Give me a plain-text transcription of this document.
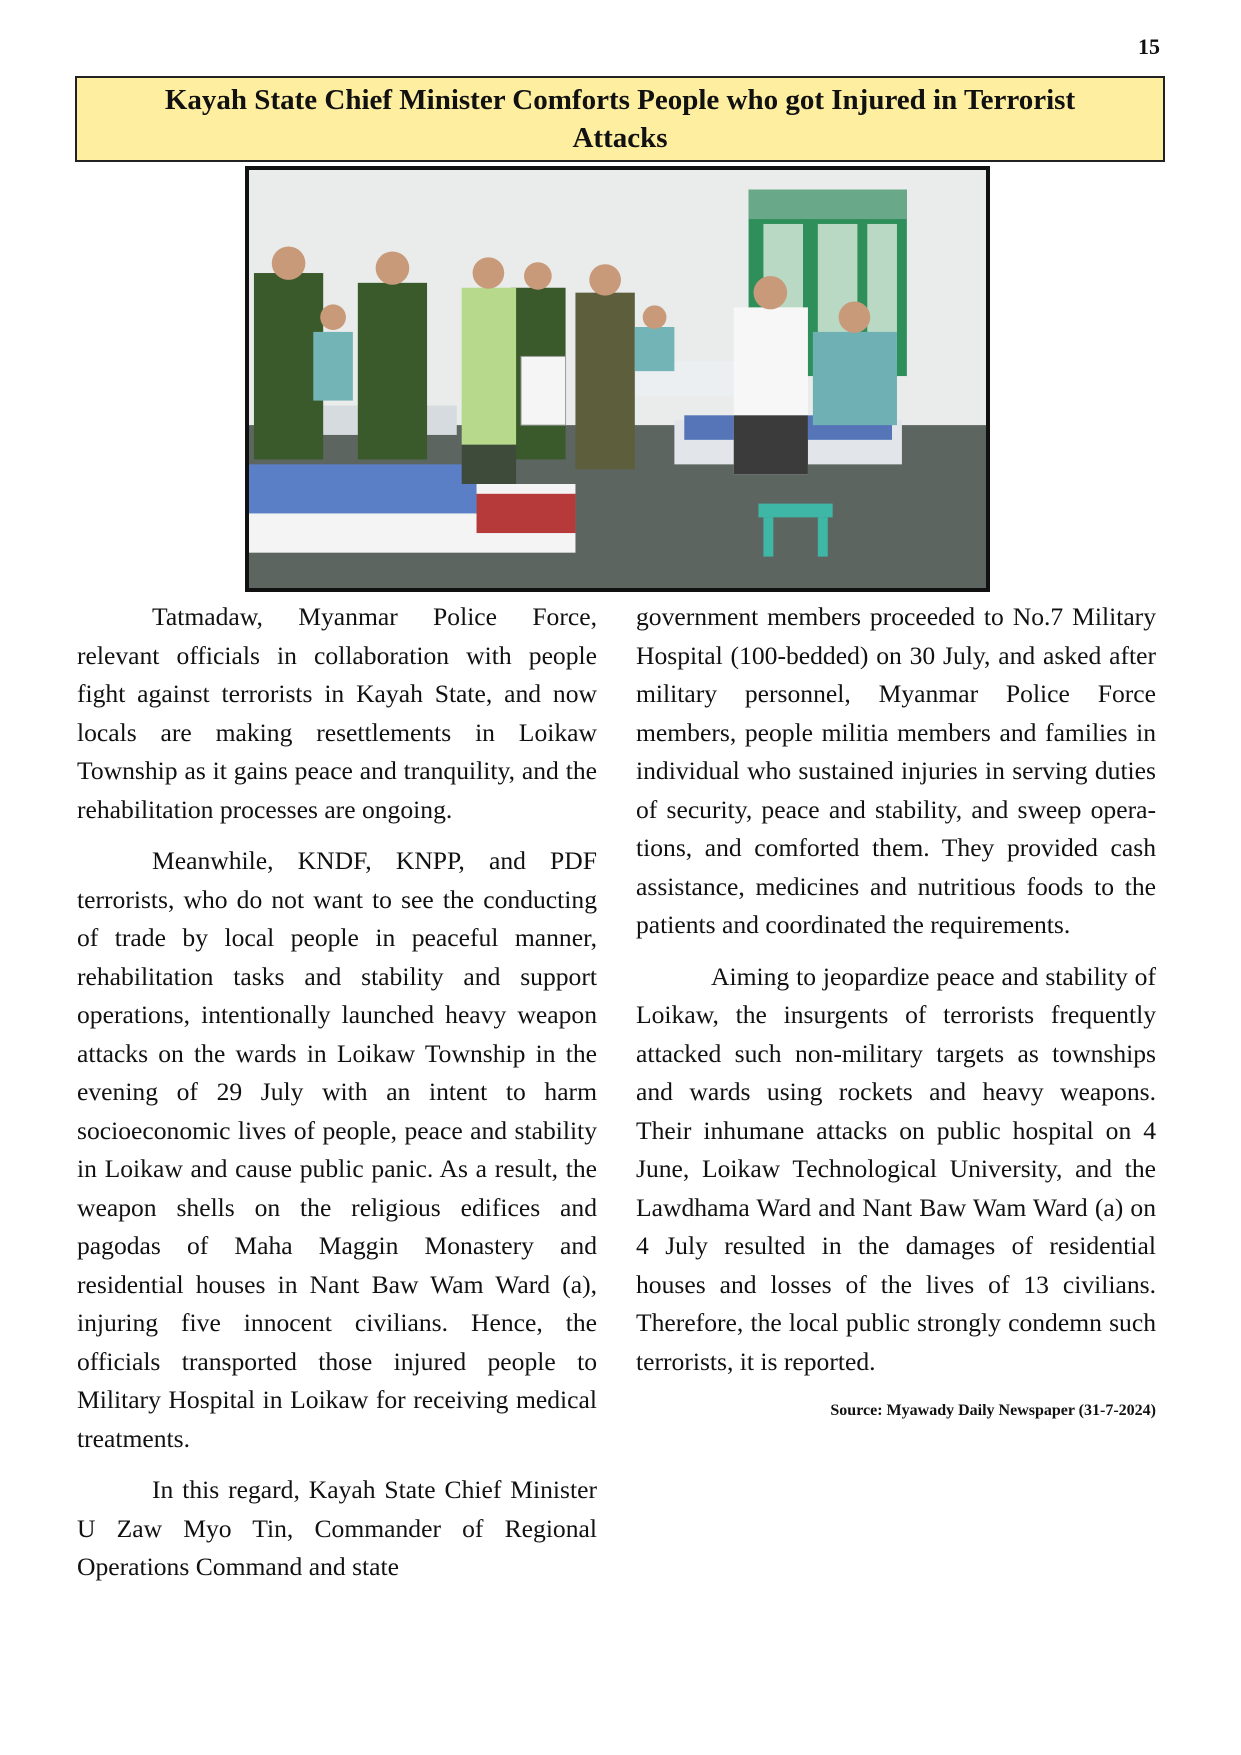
15
Kayah State Chief Minister Comforts People who got Injured in Terrorist Attacks

Tatmadaw, Myanmar Police Force, relevant officials in collaboration with people fight against terrorists in Kayah State, and now locals are making resettlements in Loikaw Township as it gains peace and tranquility, and the rehabilitation processes are ongoing.

Meanwhile, KNDF, KNPP, and PDF terrorists, who do not want to see the conducting of trade by local people in peaceful manner, rehabilitation tasks and stability and support operations, intentionally launched heavy weapon attacks on the wards in Loikaw Township in the evening of 29 July with an intent to harm socioeconomic lives of people, peace and stability in Loikaw and cause public panic. As a result, the weapon shells on the religious edifices and pagodas of Maha Maggin Monastery and residential houses in Nant Baw Wam Ward (a), injuring five innocent civilians. Hence, the officials transported those injured people to Military Hospital in Loikaw for receiving medical treatments.

In this regard, Kayah State Chief Minister U Zaw Myo Tin, Commander of Regional Operations Command and state

government members proceeded to No.7 Military Hospital (100-bedded) on 30 July, and asked after military personnel, Myanmar Police Force members, people militia members and families in individual who sustained injuries in serving duties of security, peace and stability, and sweep operations, and comforted them. They provided cash assistance, medicines and nutritious foods to the patients and coordinated the requirements.

Aiming to jeopardize peace and stability of Loikaw, the insurgents of terrorists frequently attacked such non-military targets as townships and wards using rockets and heavy weapons. Their inhumane attacks on public hospital on 4 June, Loikaw Technological University, and the Lawdhama Ward and Nant Baw Wam Ward (a) on 4 July resulted in the damages of residential houses and losses of the lives of 13 civilians. Therefore, the local public strongly condemn such terrorists, it is reported.

Source: Myawady Daily Newspaper (31-7-2024)
